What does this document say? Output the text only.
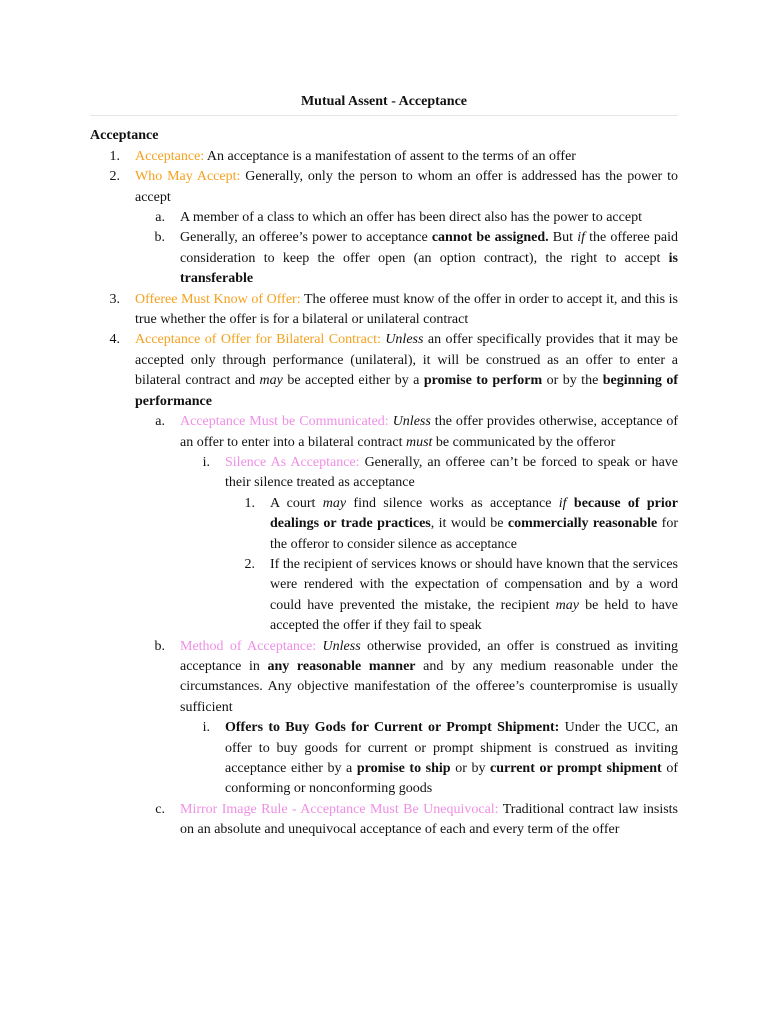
Mutual Assent - Acceptance

Acceptance

1. Acceptance: An acceptance is a manifestation of assent to the terms of an offer
2. Who May Accept: Generally, only the person to whom an offer is addressed has the power to accept
a. A member of a class to which an offer has been direct also has the power to accept
b. Generally, an offeree’s power to acceptance cannot be assigned. But if the offeree paid consideration to keep the offer open (an option contract), the right to accept is transferable
3. Offeree Must Know of Offer: The offeree must know of the offer in order to accept it, and this is true whether the offer is for a bilateral or unilateral contract
4. Acceptance of Offer for Bilateral Contract: Unless an offer specifically provides that it may be accepted only through performance (unilateral), it will be construed as an offer to enter a bilateral contract and may be accepted either by a promise to perform or by the beginning of performance
a. Acceptance Must be Communicated: Unless the offer provides otherwise, acceptance of an offer to enter into a bilateral contract must be communicated by the offeror
i. Silence As Acceptance: Generally, an offeree can’t be forced to speak or have their silence treated as acceptance
1. A court may find silence works as acceptance if because of prior dealings or trade practices, it would be commercially reasonable for the offeror to consider silence as acceptance
2. If the recipient of services knows or should have known that the services were rendered with the expectation of compensation and by a word could have prevented the mistake, the recipient may be held to have accepted the offer if they fail to speak
b. Method of Acceptance: Unless otherwise provided, an offer is construed as inviting acceptance in any reasonable manner and by any medium reasonable under the circumstances. Any objective manifestation of the offeree’s counterpromise is usually sufficient
i. Offers to Buy Gods for Current or Prompt Shipment: Under the UCC, an offer to buy goods for current or prompt shipment is construed as inviting acceptance either by a promise to ship or by current or prompt shipment of conforming or nonconforming goods
c. Mirror Image Rule - Acceptance Must Be Unequivocal: Traditional contract law insists on an absolute and unequivocal acceptance of each and every term of the offer
